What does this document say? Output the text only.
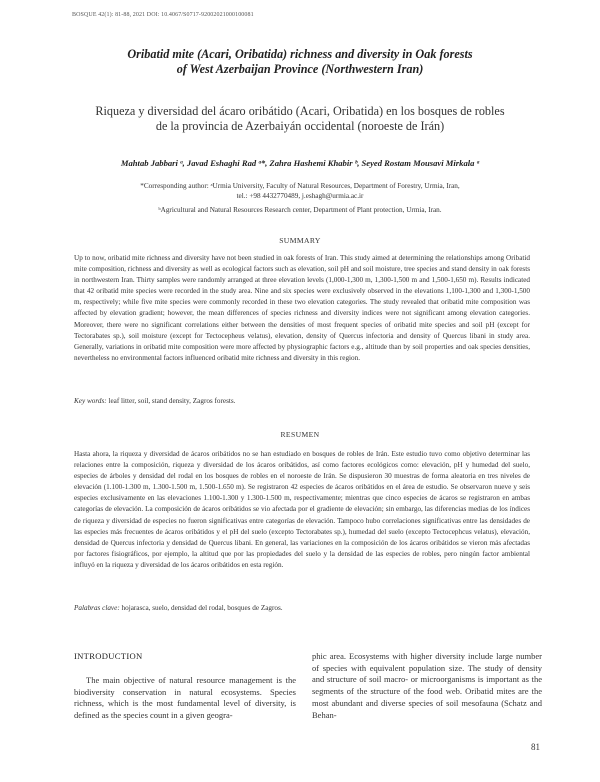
BOSQUE 42(1): 81-88, 2021 DOI: 10.4067/S0717-92002021000100081
Oribatid mite (Acari, Oribatida) richness and diversity in Oak forests
of West Azerbaijan Province (Northwestern Iran)
Riqueza y diversidad del ácaro oribátido (Acari, Oribatida) en los bosques de robles
de la provincia de Azerbaiyán occidental (noroeste de Irán)
Mahtab Jabbari ᵃ, Javad Eshaghi Rad ᵃ*, Zahra Hashemi Khabir ᵇ, Seyed Rostam Mousavi Mirkala ᵃ
*Corresponding author: ᵃUrmia University, Faculty of Natural Resources, Department of Forestry, Urmia, Iran,
tel.: +98 4432770489, j.eshagh@urmia.ac.ir
ᵇAgricultural and Natural Resources Research center, Department of Plant protection, Urmia, Iran.
SUMMARY
Up to now, oribatid mite richness and diversity have not been studied in oak forests of Iran. This study aimed at determining the relationships among Oribatid mite composition, richness and diversity as well as ecological factors such as elevation, soil pH and soil moisture, tree species and stand density in oak forests in northwestern Iran. Thirty samples were randomly arranged at three elevation levels (1,000-1,300 m, 1,300-1,500 m and 1,500-1,650 m). Results indicated that 42 oribatid mite species were recorded in the study area. Nine and six species were exclusively observed in the elevations 1,100-1,300 and 1,300-1,500 m, respectively; while five mite species were commonly recorded in these two elevation categories. The study revealed that oribatid mite composition was affected by elevation gradient; however, the mean differences of species richness and diversity indices were not significant among elevation categories. Moreover, there were no significant correlations either between the densities of most frequent species of oribatid mite species and soil pH (except for Tectorabates sp.), soil moisture (except for Tectocepheus velatus), elevation, density of Quercus infectoria and density of Quercus libani in study area. Generally, variations in oribatid mite composition were more affected by physiographic factors e.g., altitude than by soil properties and oak species densities, nevertheless no environmental factors influenced oribatid mite richness and diversity in this region.
Key words: leaf litter, soil, stand density, Zagros forests.
RESUMEN
Hasta ahora, la riqueza y diversidad de ácaros oribátidos no se han estudiado en bosques de robles de Irán. Este estudio tuvo como objetivo determinar las relaciones entre la composición, riqueza y diversidad de los ácaros oribátidos, así como factores ecológicos como: elevación, pH y humedad del suelo, especies de árboles y densidad del rodal en los bosques de robles en el noroeste de Irán. Se dispusieron 30 muestras de forma aleatoria en tres niveles de elevación (1.100-1.300 m, 1.300-1.500 m, 1.500-1.650 m). Se registraron 42 especies de ácaros oribátidos en el área de estudio. Se observaron nueve y seis especies exclusivamente en las elevaciones 1.100-1.300 y 1.300-1.500 m, respectivamente; mientras que cinco especies de ácaros se registraron en ambas categorías de elevación. La composición de ácaros oribátidos se vio afectada por el gradiente de elevación; sin embargo, las diferencias medias de los índices de riqueza y diversidad de especies no fueron significativas entre categorías de elevación. Tampoco hubo correlaciones significativas entre las densidades de las especies más frecuentes de ácaros oribátidos y el pH del suelo (excepto Tectorabates sp.), humedad del suelo (excepto Tectocephcus velatus), elevación, densidad de Quercus infectoria y densidad de Quercus libani. En general, las variaciones en la composición de los ácaros oribátidos se vieron más afectadas por factores fisiográficos, por ejemplo, la altitud que por las propiedades del suelo y la densidad de las especies de robles, pero ningún factor ambiental influyó en la riqueza y diversidad de los ácaros oribátidos en esta región.
Palabras clave: hojarasca, suelo, densidad del rodal, bosques de Zagros.
INTRODUCTION
The main objective of natural resource management is the biodiversity conservation in natural ecosystems. Species richness, which is the most fundamental level of diversity, is defined as the species count in a given geogra-
phic area. Ecosystems with higher diversity include large number of species with equivalent population size. The study of density and structure of soil macro- or microorganisms is important as the segments of the structure of the food web. Oribatid mites are the most abundant and diverse species of soil mesofauna (Schatz and Behan-
81
